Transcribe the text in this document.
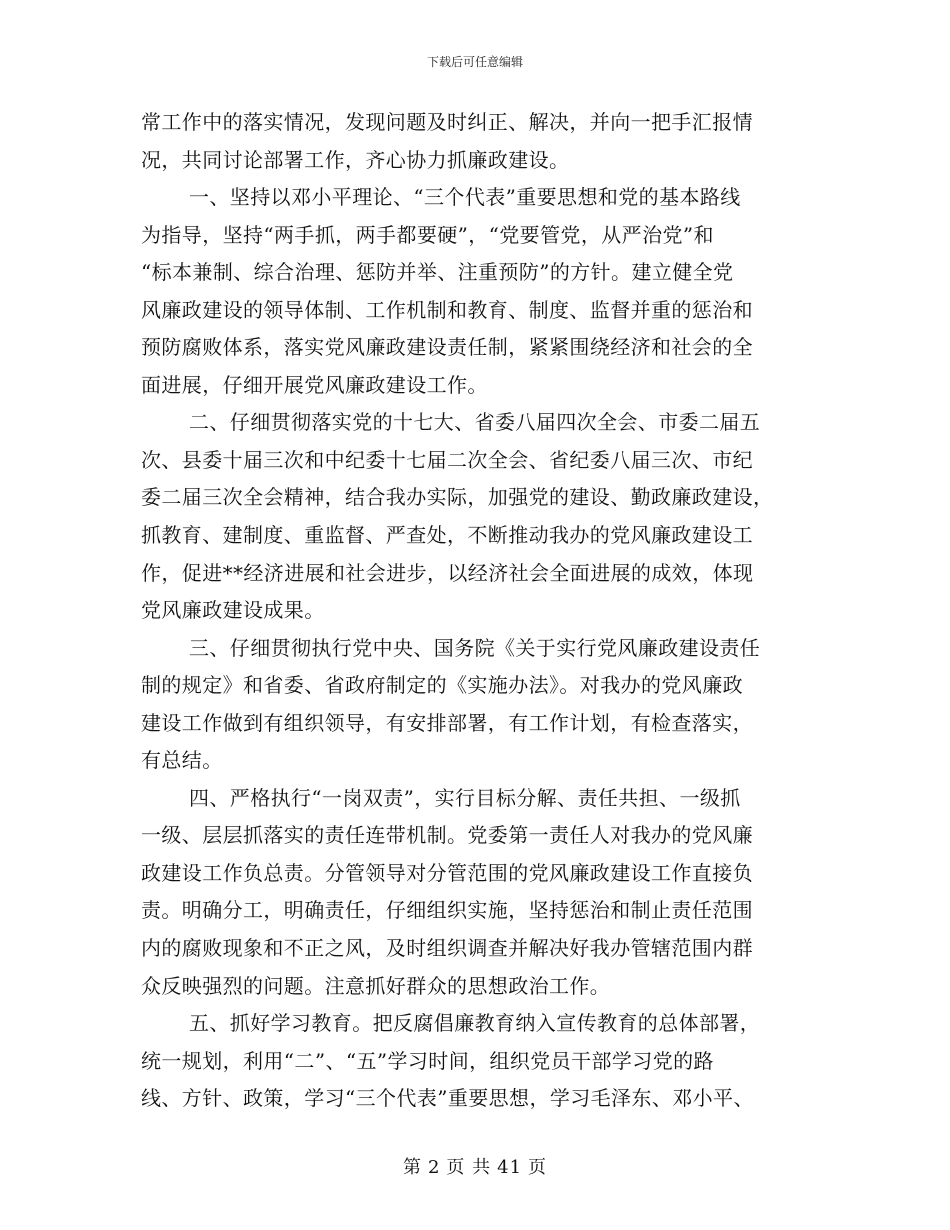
下载后可任意编辑
常工作中的落实情况，发现问题及时纠正、解决，并向一把手汇报情
况，共同讨论部署工作，齐心协力抓廉政建设。
一、坚持以邓小平理论、“三个代表”重要思想和党的基本路线
为指导，坚持“两手抓，两手都要硬”，“党要管党，从严治党”和
“标本兼制、综合治理、惩防并举、注重预防”的方针。建立健全党
风廉政建设的领导体制、工作机制和教育、制度、监督并重的惩治和
预防腐败体系，落实党风廉政建设责任制，紧紧围绕经济和社会的全
面进展，仔细开展党风廉政建设工作。
二、仔细贯彻落实党的十七大、省委八届四次全会、市委二届五
次、县委十届三次和中纪委十七届二次全会、省纪委八届三次、市纪
委二届三次全会精神，结合我办实际，加强党的建设、勤政廉政建设，
抓教育、建制度、重监督、严查处，不断推动我办的党风廉政建设工
作，促进**经济进展和社会进步，以经济社会全面进展的成效，体现
党风廉政建设成果。
三、仔细贯彻执行党中央、国务院《关于实行党风廉政建设责任
制的规定》和省委、省政府制定的《实施办法》。对我办的党风廉政
建设工作做到有组织领导，有安排部署，有工作计划，有检查落实，
有总结。
四、严格执行“一岗双责”，实行目标分解、责任共担、一级抓
一级、层层抓落实的责任连带机制。党委第一责任人对我办的党风廉
政建设工作负总责。分管领导对分管范围的党风廉政建设工作直接负
责。明确分工，明确责任，仔细组织实施，坚持惩治和制止责任范围
内的腐败现象和不正之风，及时组织调查并解决好我办管辖范围内群
众反映强烈的问题。注意抓好群众的思想政治工作。
五、抓好学习教育。把反腐倡廉教育纳入宣传教育的总体部署，
统一规划，利用“二”、“五”学习时间，组织党员干部学习党的路
线、方针、政策，学习“三个代表”重要思想，学习毛泽东、邓小平、
第 2 页 共 41 页
